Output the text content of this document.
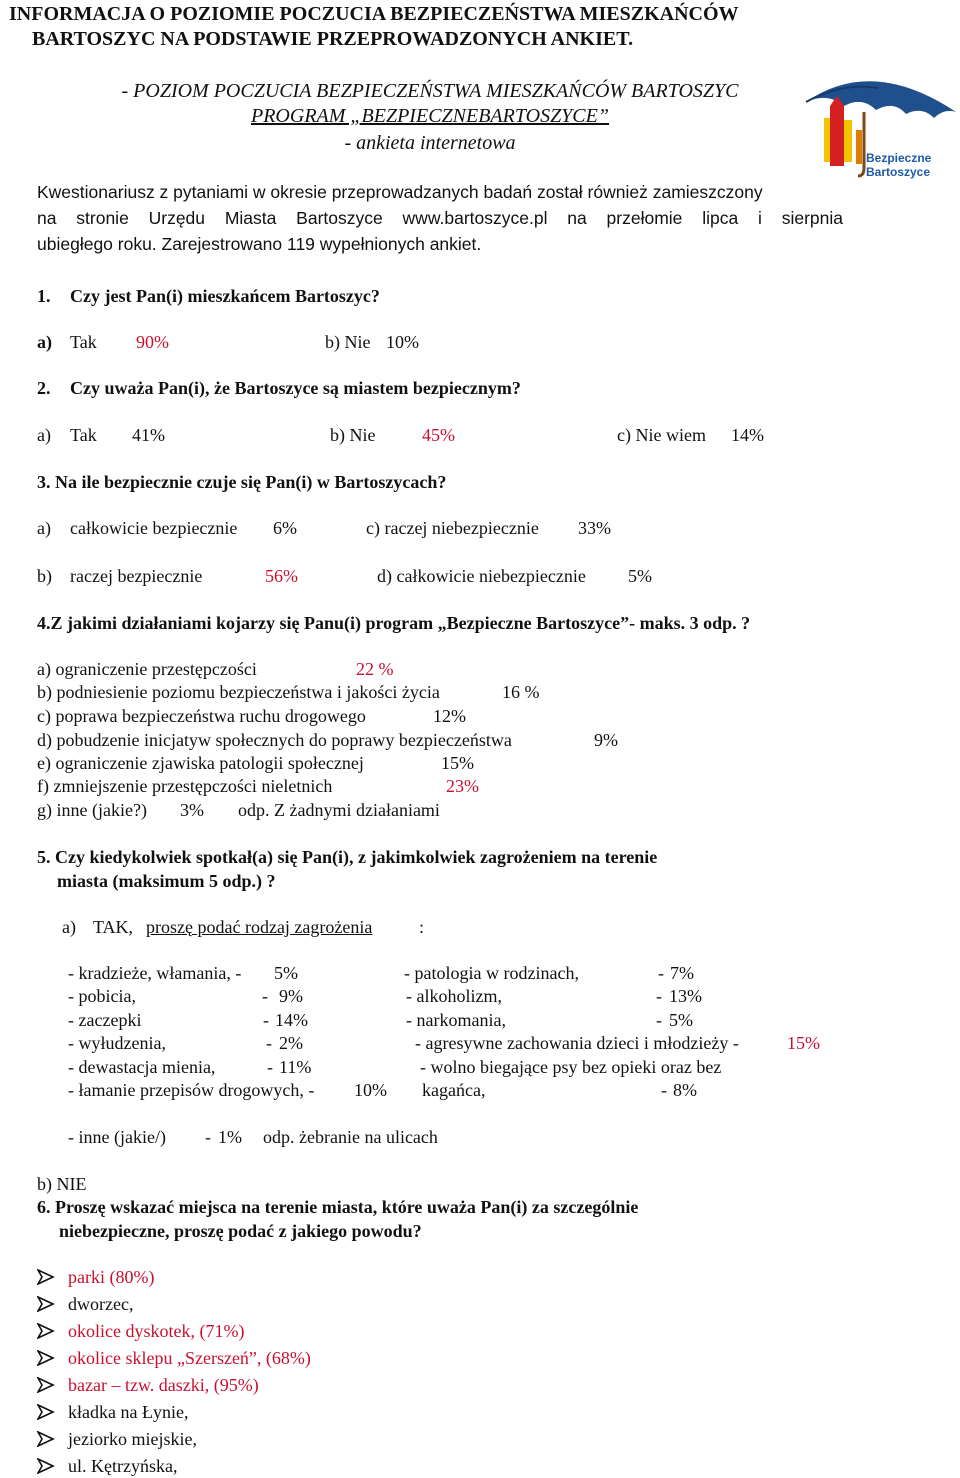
INFORMACJA O POZIOMIE POCZUCIA BEZPIECZEŃSTWA MIESZKAŃCÓW
BARTOSZYC NA PODSTAWIE PRZEPROWADZONYCH ANKIET.
- POZIOM POCZUCIA BEZPIECZEŃSTWA MIESZKAŃCÓW BARTOSZYC
PROGRAM „BEZPIECZNEBARTOSZYCE”
- ankieta internetowa
Bezpieczne
Bartoszyce
Kwestionariusz z pytaniami w okresie przeprowadzanych badań został również zamieszczony
na stronie Urzędu Miasta Bartoszyce www.bartoszyce.pl na przełomie lipca i sierpnia
ubiegłego roku. Zarejestrowano 119 wypełnionych ankiet.
1. Czy jest Pan(i) mieszkańcem Bartoszyc?
a) Tak 90%	b) Nie 10%
2. Czy uważa Pan(i), że Bartoszyce są miastem bezpiecznym?
a) Tak 41%	b) Nie	45%	c) Nie wiem 14%
3. Na ile bezpiecznie czuje się Pan(i) w Bartoszycach?
a) całkowicie bezpiecznie 6%	c) raczej niebezpiecznie 33%
b) raczej bezpiecznie	56%	d) całkowicie niebezpiecznie 5%
4.Z jakimi działaniami kojarzy się Panu(i) program „Bezpieczne Bartoszyce”- maks. 3 odp. ?
a) ograniczenie przestępczości	22 %
b) podniesienie poziomu bezpieczeństwa i jakości życia	16 %
c) poprawa bezpieczeństwa ruchu drogowego	12%
d) pobudzenie inicjatyw społecznych do poprawy bezpieczeństwa	9%
e) ograniczenie zjawiska patologii społecznej	15%
f) zmniejszenie przestępczości nieletnich	23%
g) inne (jakie?) 3% odp. Z żadnymi działaniami
5. Czy kiedykolwiek spotkał(a) się Pan(i), z jakimkolwiek zagrożeniem na terenie
miasta (maksimum 5 odp.) ?
a) TAK, proszę podać rodzaj zagrożenia	:
- kradzieże, włamania, - 5%
- pobicia,	- 9%
- zaczepki	- 14%
- wyłudzenia,	- 2%
- dewastacja mienia,	- 11%
- łamanie przepisów drogowych, - 10%
- patologia w rodzinach,	- 7%
- alkoholizm,	- 13%
- narkomania,	- 5%
- agresywne zachowania dzieci i młodzieży -	15%
- wolno biegające psy bez opieki oraz bez
kagańca,	- 8%
- inne (jakie/) - 1% odp. żebranie na ulicach
b) NIE
6. Proszę wskazać miejsca na terenie miasta, które uważa Pan(i) za szczególnie
niebezpieczne, proszę podać z jakiego powodu?
parki (80%)
dworzec,
okolice dyskotek, (71%)
okolice sklepu „Szerszeń”, (68%)
bazar – tzw. daszki, (95%)
kładka na Łynie,
jeziorko miejskie,
ul. Kętrzyńska,
